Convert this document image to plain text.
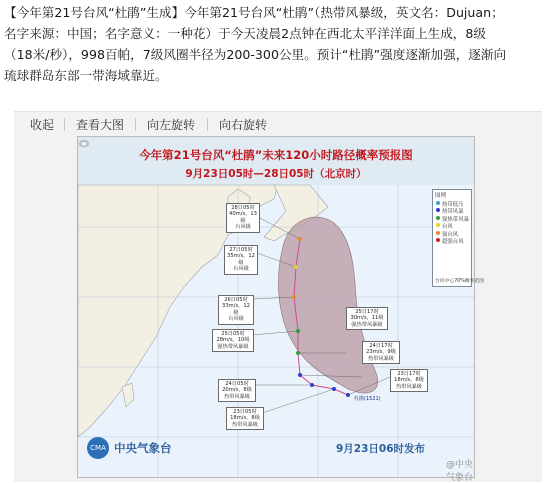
【今年第21号台风“杜鹃”生成】今年第21号台风“杜鹃”（热带风暴级，英文名：Dujuan；
名字来源：中国；名字意义：一种花）于今天凌晨2点钟在西北太平洋洋面上生成，8级
（18米/秒），998百帕，7级风圈半径为200-300公里。预计“杜鹃”强度逐渐加强，逐渐向
琉球群岛东部一带海域靠近。
收起 查看大图 向左旋转 向右旋转
今年第21号台风“杜鹃”未来120小时路径概率预报图
9月23日05时—28日05时（北京时）
28日05时
40m/s，13级
台风级
27日05时
35m/s，12级
台风级
26日05时
33m/s，12级
台风级
25日05时
28m/s，10级
强热带风暴级
24日05时
20m/s，8级
热带风暴级
23日05时
18m/s，8级
热带风暴级
25日17时
30m/s，11级
强热带风暴级
24日17时
23m/s，9级
热带风暴级
23日17时
18m/s，8级
热带风暴级
杜鹃(1521)
图例
热带低压
热带风暴
强热带风暴
台风
强台风
超强台风
台风中心70%概率范围
CMA 中央气象台	9月23日06时发布
@中央气象台
